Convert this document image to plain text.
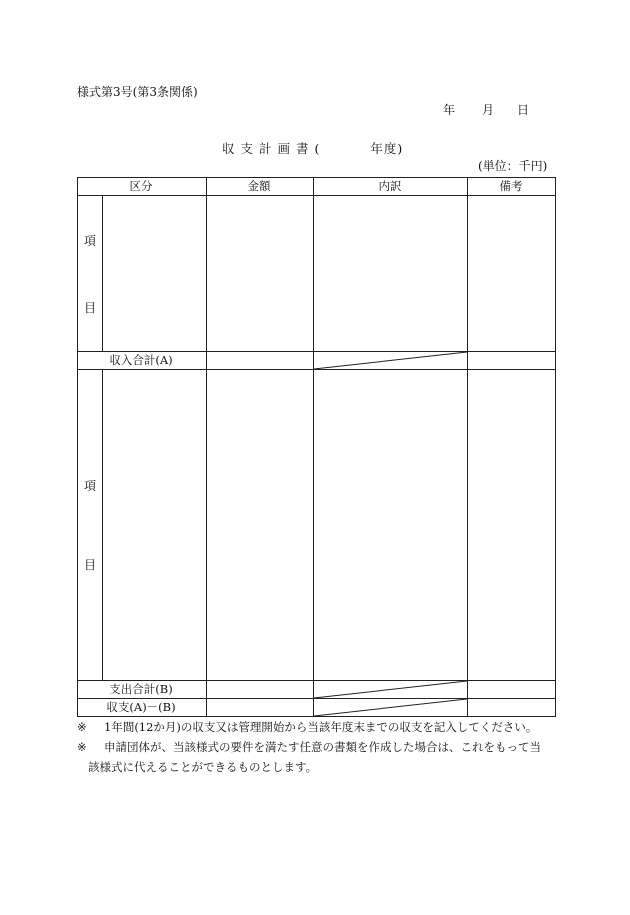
様式第3号(第3条関係)
年 月 日
収支計画書(	年度)
(単位：千円)
区分	金額	内訳	備考
項
目
収入合計(A)
項
目
支出合計(B)
収支(A)－(B)
※ 1年間(12か月)の収支又は管理開始から当該年度末までの収支を記入してください。
※ 申請団体が、当該様式の要件を満たす任意の書類を作成した場合は、これをもって当
該様式に代えることができるものとします。
